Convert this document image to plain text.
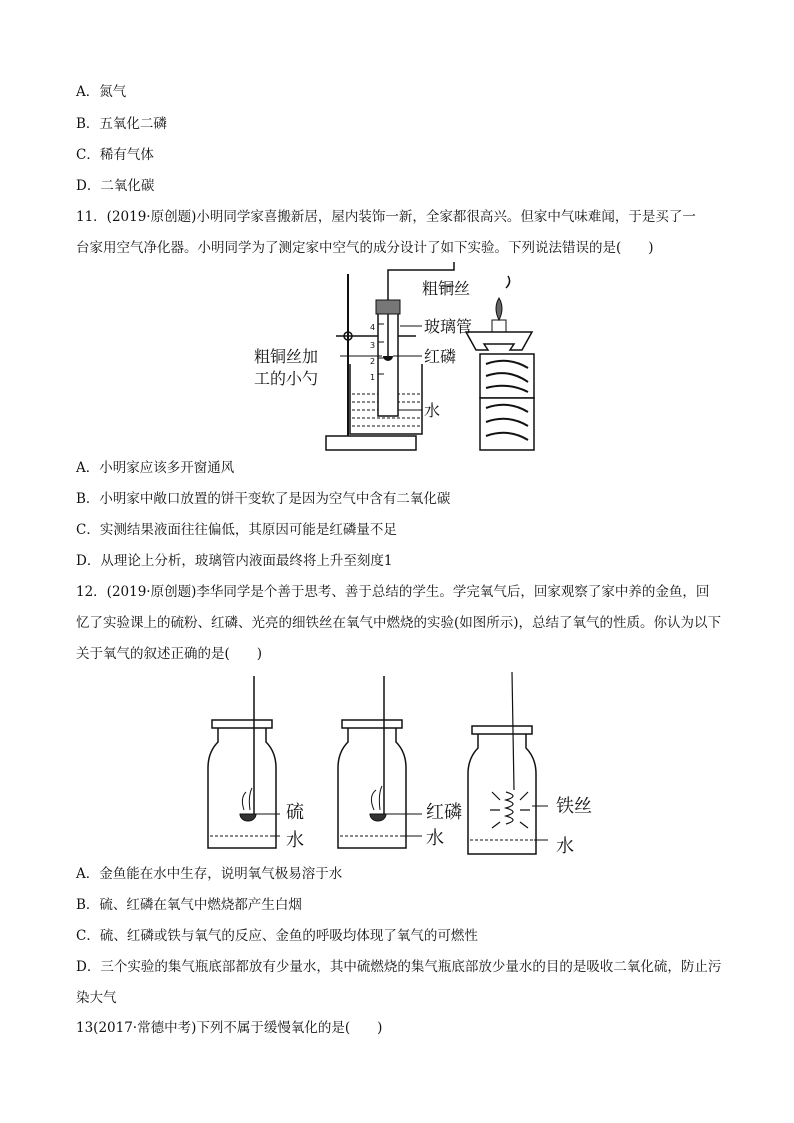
A．氮气
B．五氧化二磷
C．稀有气体
D．二氧化碳
11．(2019·原创题)小明同学家喜搬新居，屋内装饰一新，全家都很高兴。但家中气味难闻，于是买了一
台家用空气净化器。小明同学为了测定家中空气的成分设计了如下实验。下列说法错误的是(　　)
4
3
2
1
粗铜丝
玻璃管
红磷
粗铜丝加
工的小勺
水
A．小明家应该多开窗通风
B．小明家中敞口放置的饼干变软了是因为空气中含有二氧化碳
C．实测结果液面往往偏低，其原因可能是红磷量不足
D．从理论上分析，玻璃管内液面最终将上升至刻度1
12．(2019·原创题)李华同学是个善于思考、善于总结的学生。学完氧气后，回家观察了家中养的金鱼，回忆了实验课上的硫粉、红磷、光亮的细铁丝在氧气中燃烧的实验(如图所示)，总结了氧气的性质。你认为以下关于氧气的叙述正确的是(　　)
硫
水
红磷
水
铁丝
水
A．金鱼能在水中生存，说明氧气极易溶于水
B．硫、红磷在氧气中燃烧都产生白烟
C．硫、红磷或铁与氧气的反应、金鱼的呼吸均体现了氧气的可燃性
D．三个实验的集气瓶底部都放有少量水，其中硫燃烧的集气瓶底部放少量水的目的是吸收二氧化硫，防止污染大气
13(2017·常德中考)下列不属于缓慢氧化的是(　　)
